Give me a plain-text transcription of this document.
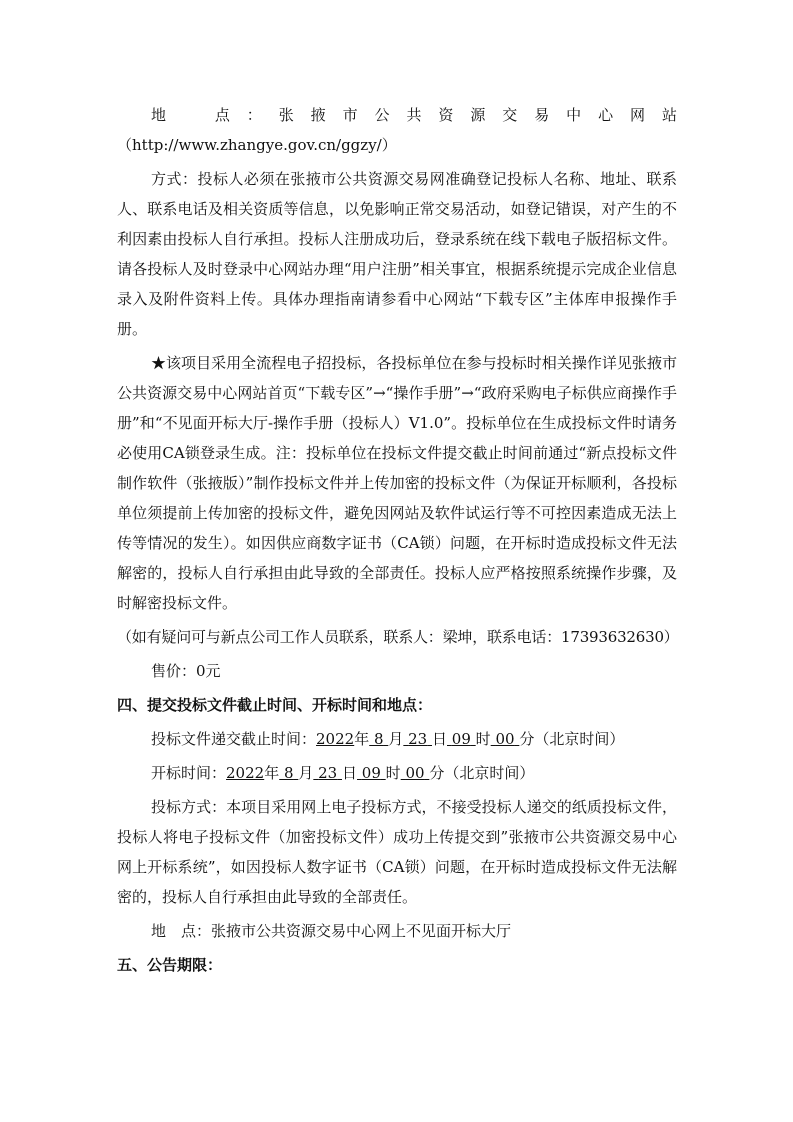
地　点：张掖市公共资源交易中心网站（http://www.zhangye.gov.cn/ggzy/）

方式：投标人必须在张掖市公共资源交易网准确登记投标人名称、地址、联系人、联系电话及相关资质等信息，以免影响正常交易活动，如登记错误，对产生的不利因素由投标人自行承担。投标人注册成功后，登录系统在线下载电子版招标文件。请各投标人及时登录中心网站办理“用户注册”相关事宜，根据系统提示完成企业信息录入及附件资料上传。具体办理指南请参看中心网站“下载专区”主体库申报操作手册。

★该项目采用全流程电子招投标，各投标单位在参与投标时相关操作详见张掖市公共资源交易中心网站首页“下载专区”→“操作手册”→“政府采购电子标供应商操作手册”和“不见面开标大厅-操作手册（投标人）V1.0”。投标单位在生成投标文件时请务必使用CA锁登录生成。注：投标单位在投标文件提交截止时间前通过“新点投标文件制作软件（张掖版）”制作投标文件并上传加密的投标文件（为保证开标顺利，各投标单位须提前上传加密的投标文件，避免因网站及软件试运行等不可控因素造成无法上传等情况的发生）。如因供应商数字证书（CA锁）问题，在开标时造成投标文件无法解密的，投标人自行承担由此导致的全部责任。投标人应严格按照系统操作步骤，及时解密投标文件。

（如有疑问可与新点公司工作人员联系，联系人：梁坤，联系电话：17393632630）

售价：0元

四、提交投标文件截止时间、开标时间和地点：

投标文件递交截止时间：2022年 8 月 23 日 09 时 00 分（北京时间）

开标时间：2022年 8 月 23 日 09 时 00 分（北京时间）

投标方式：本项目采用网上电子投标方式，不接受投标人递交的纸质投标文件，投标人将电子投标文件（加密投标文件）成功上传提交到”张掖市公共资源交易中心网上开标系统”，如因投标人数字证书（CA锁）问题，在开标时造成投标文件无法解密的，投标人自行承担由此导致的全部责任。

地　点：张掖市公共资源交易中心网上不见面开标大厅

五、公告期限：
